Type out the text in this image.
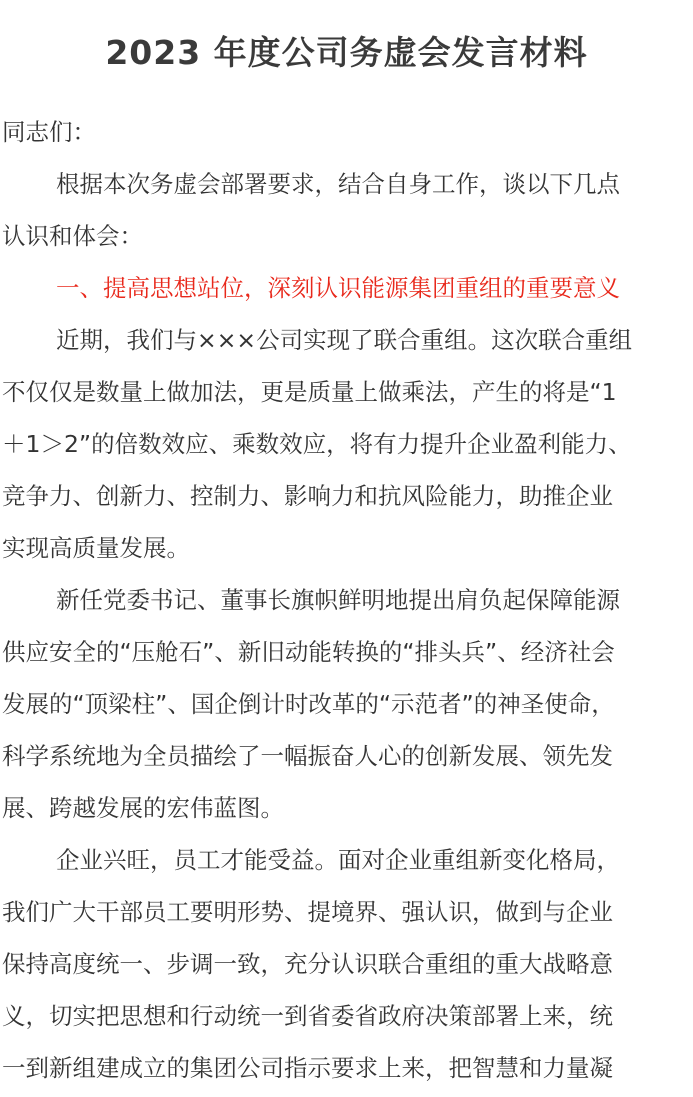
2023 年度公司务虚会发言材料
同志们：
根据本次务虚会部署要求，结合自身工作，谈以下几点
认识和体会：
一、提高思想站位，深刻认识能源集团重组的重要意义
近期，我们与×××公司实现了联合重组。这次联合重组
不仅仅是数量上做加法，更是质量上做乘法，产生的将是“1
＋1＞2”的倍数效应、乘数效应，将有力提升企业盈利能力、
竞争力、创新力、控制力、影响力和抗风险能力，助推企业
实现高质量发展。
新任党委书记、董事长旗帜鲜明地提出肩负起保障能源
供应安全的“压舱石”、新旧动能转换的“排头兵”、经济社会
发展的“顶梁柱”、国企倒计时改革的“示范者”的神圣使命，
科学系统地为全员描绘了一幅振奋人心的创新发展、领先发
展、跨越发展的宏伟蓝图。
企业兴旺，员工才能受益。面对企业重组新变化格局，
我们广大干部员工要明形势、提境界、强认识，做到与企业
保持高度统一、步调一致，充分认识联合重组的重大战略意
义，切实把思想和行动统一到省委省政府决策部署上来，统
一到新组建成立的集团公司指示要求上来，把智慧和力量凝
